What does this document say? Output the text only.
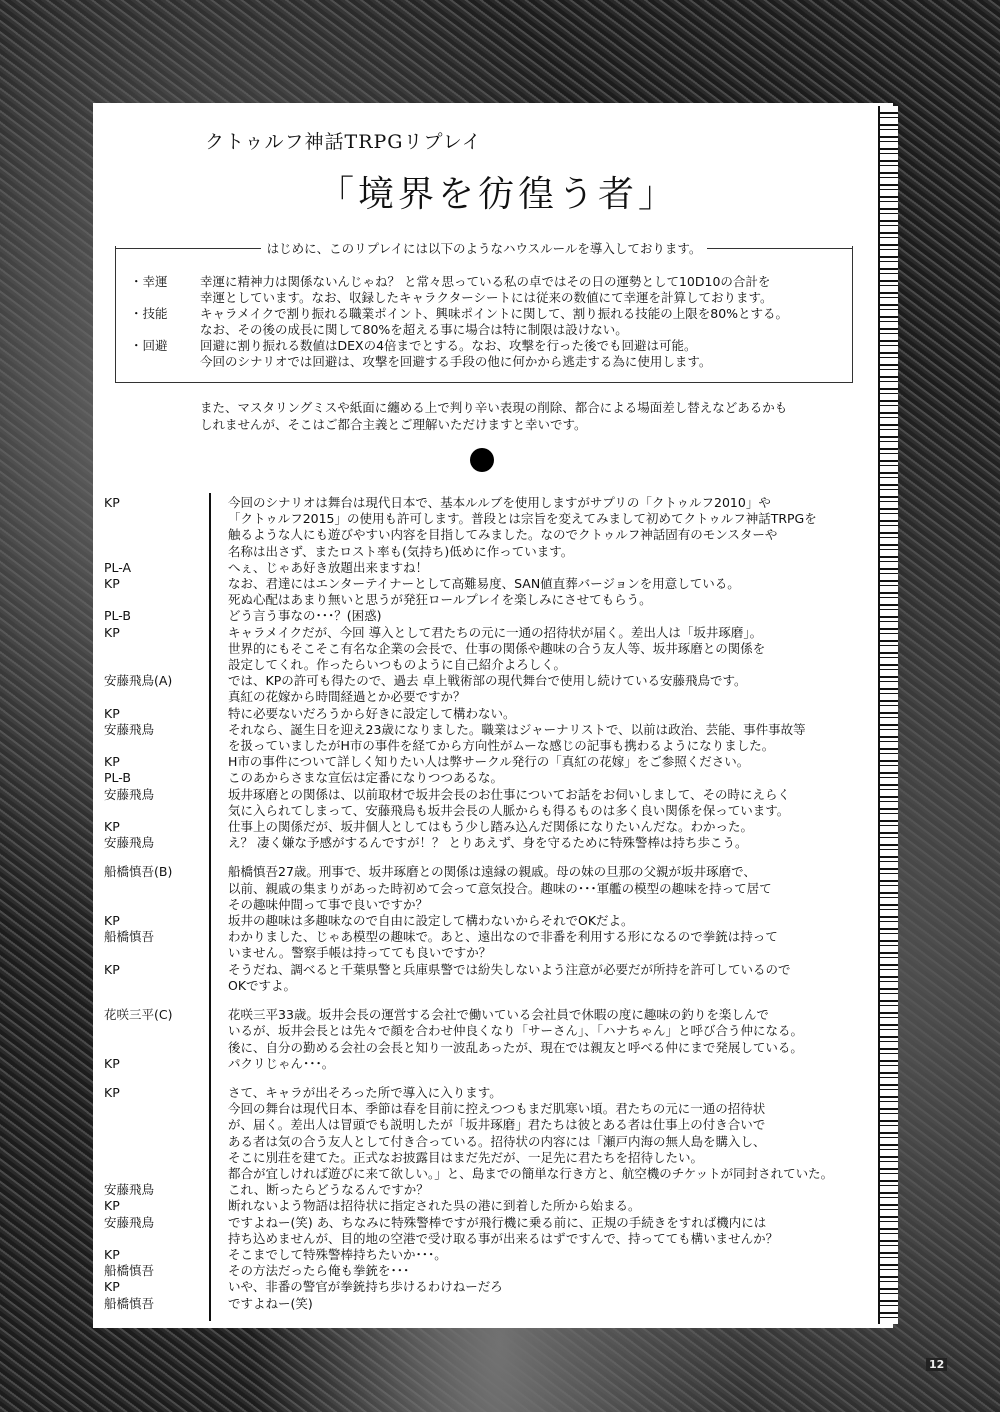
クトゥルフ神話TRPGリプレイ
「境界を彷徨う者」
はじめに、このリプレイには以下のようなハウスルールを導入しております。
・幸運	幸運に精神力は関係ないんじゃね？ と常々思っている私の卓ではその日の運勢として10D10の合計を
幸運としています。なお、収録したキャラクターシートには従来の数値にて幸運を計算しております。
・技能	キャラメイクで割り振れる職業ポイント、興味ポイントに関して、割り振れる技能の上限を80%とする。
なお、その後の成長に関して80%を超える事に場合は特に制限は設けない。
・回避	回避に割り振れる数値はDEXの4倍までとする。なお、攻撃を行った後でも回避は可能。
今回のシナリオでは回避は、攻撃を回避する手段の他に何かから逃走する為に使用します。
また、マスタリングミスや紙面に纏める上で判り辛い表現の削除、都合による場面差し替えなどあるかも
しれませんが、そこはご都合主義とご理解いただけますと幸いです。
KP	今回のシナリオは舞台は現代日本で、基本ルルブを使用しますがサプリの「クトゥルフ2010」や
「クトゥルフ2015」の使用も許可します。普段とは宗旨を変えてみまして初めてクトゥルフ神話TRPGを
触るような人にも遊びやすい内容を目指してみました。なのでクトゥルフ神話固有のモンスターや
名称は出さず、またロスト率も(気持ち)低めに作っています。
PL-A	へぇ、じゃあ好き放題出来ますね！
KP	なお、君達にはエンターテイナーとして高難易度、SAN値直葬バージョンを用意している。
死ぬ心配はあまり無いと思うが発狂ロールプレイを楽しみにさせてもらう。
PL-B	どう言う事なの･･･？(困惑)
KP	キャラメイクだが、今回 導入として君たちの元に一通の招待状が届く。差出人は「坂井琢磨」。
世界的にもそこそこ有名な企業の会長で、仕事の関係や趣味の合う友人等、坂井琢磨との関係を
設定してくれ。作ったらいつものように自己紹介よろしく。
安藤飛鳥(A)	では、KPの許可も得たので、過去 卓上戦術部の現代舞台で使用し続けている安藤飛鳥です。
真紅の花嫁から時間経過とか必要ですか？
KP	特に必要ないだろうから好きに設定して構わない。
安藤飛鳥	それなら、誕生日を迎え23歳になりました。職業はジャーナリストで、以前は政治、芸能、事件事故等
を扱っていましたがH市の事件を経てから方向性がムーな感じの記事も携わるようになりました。
KP	H市の事件について詳しく知りたい人は弊サークル発行の「真紅の花嫁」をご参照ください。
PL-B	このあからさまな宣伝は定番になりつつあるな。
安藤飛鳥	坂井琢磨との関係は、以前取材で坂井会長のお仕事についてお話をお伺いしまして、その時にえらく
気に入られてしまって、安藤飛鳥も坂井会長の人脈からも得るものは多く良い関係を保っています。
KP	仕事上の関係だが、坂井個人としてはもう少し踏み込んだ関係になりたいんだな。わかった。
安藤飛鳥	え？ 凄く嫌な予感がするんですが！？ とりあえず、身を守るために特殊警棒は持ち歩こう。
船橋慎吾(B)	船橋慎吾27歳。刑事で、坂井琢磨との関係は遠縁の親戚。母の妹の旦那の父親が坂井琢磨で、
以前、親戚の集まりがあった時初めて会って意気投合。趣味の･･･軍艦の模型の趣味を持って居て
その趣味仲間って事で良いですか？
KP	坂井の趣味は多趣味なので自由に設定して構わないからそれでOKだよ。
船橋慎吾	わかりました、じゃあ模型の趣味で。あと、遠出なので非番を利用する形になるので拳銃は持って
いません。警察手帳は持ってても良いですか？
KP	そうだね、調べると千葉県警と兵庫県警では紛失しないよう注意が必要だが所持を許可しているので
OKですよ。
花咲三平(C)	花咲三平33歳。坂井会長の運営する会社で働いている会社員で休暇の度に趣味の釣りを楽しんで
いるが、坂井会長とは先々で顔を合わせ仲良くなり「サーさん」、「ハナちゃん」と呼び合う仲になる。
後に、自分の勤める会社の会長と知り一波乱あったが、現在では親友と呼べる仲にまで発展している。
KP	パクリじゃん･･･。
KP	さて、キャラが出そろった所で導入に入ります。
今回の舞台は現代日本、季節は春を目前に控えつつもまだ肌寒い頃。君たちの元に一通の招待状
が、届く。差出人は冒頭でも説明したが「坂井琢磨」君たちは彼とある者は仕事上の付き合いで
ある者は気の合う友人として付き合っている。招待状の内容には「瀬戸内海の無人島を購入し、
そこに別荘を建てた。正式なお披露目はまだ先だが、一足先に君たちを招待したい。
都合が宜しければ遊びに来て欲しい。」と、島までの簡単な行き方と、航空機のチケットが同封されていた。
安藤飛鳥	これ、断ったらどうなるんですか？
KP	断れないよう物語は招待状に指定された呉の港に到着した所から始まる。
安藤飛鳥	ですよねー(笑) あ、ちなみに特殊警棒ですが飛行機に乗る前に、正規の手続きをすれば機内には
持ち込めませんが、目的地の空港で受け取る事が出来るはずですんで、持ってても構いませんか？
KP	そこまでして特殊警棒持ちたいか･･･。
船橋慎吾	その方法だったら俺も拳銃を･･･
KP	いや、非番の警官が拳銃持ち歩けるわけねーだろ
船橋慎吾	ですよねー(笑)
12
